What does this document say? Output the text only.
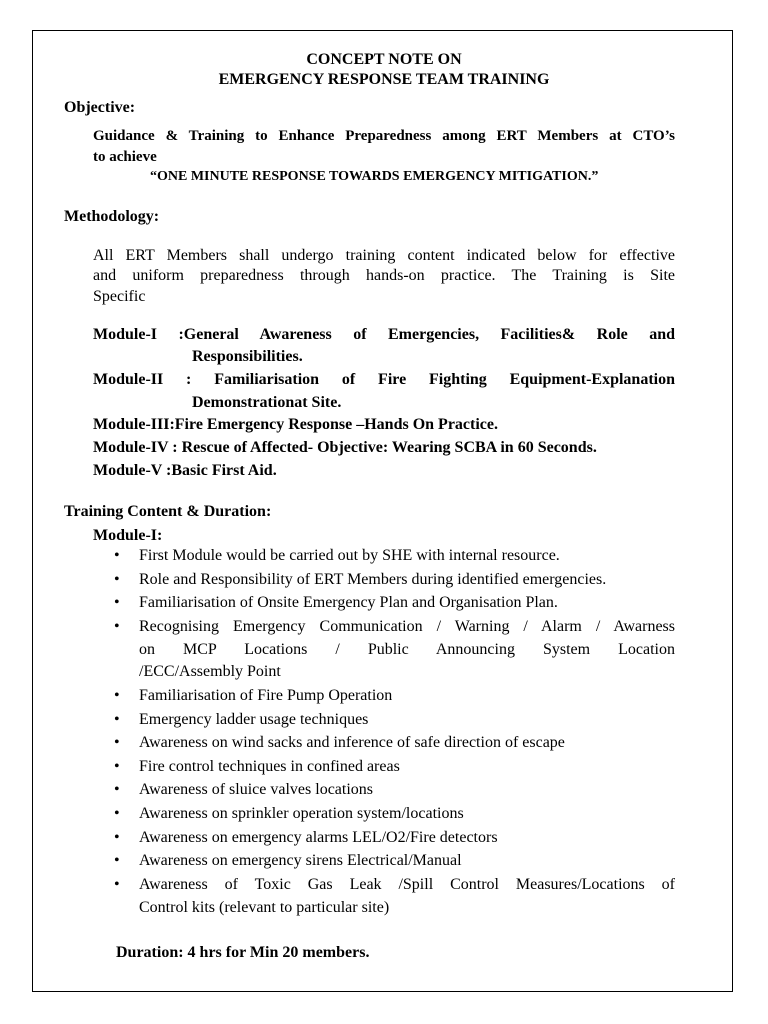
CONCEPT NOTE ON
EMERGENCY RESPONSE TEAM TRAINING
Objective:
Guidance & Training to Enhance Preparedness among ERT Members at CTO’s
to achieve
“ONE MINUTE RESPONSE TOWARDS EMERGENCY MITIGATION.”
Methodology:
All ERT Members shall undergo training content indicated below for effective
and uniform preparedness through hands-on practice. The Training is Site
Specific
Module-I :General Awareness of Emergencies, Facilities& Role and
Responsibilities.
Module-II : Familiarisation of Fire Fighting Equipment-Explanation
Demonstrationat Site.
Module-III:Fire Emergency Response –Hands On Practice.
Module-IV : Rescue of Affected- Objective: Wearing SCBA in 60 Seconds.
Module-V :Basic First Aid.
Training Content & Duration:
Module-I:
• First Module would be carried out by SHE with internal resource.
• Role and Responsibility of ERT Members during identified emergencies.
• Familiarisation of Onsite Emergency Plan and Organisation Plan.
• Recognising Emergency Communication / Warning / Alarm / Awarness
on MCP Locations / Public Announcing System Location
/ECC/Assembly Point
• Familiarisation of Fire Pump Operation
• Emergency ladder usage techniques
• Awareness on wind sacks and inference of safe direction of escape
• Fire control techniques in confined areas
• Awareness of sluice valves locations
• Awareness on sprinkler operation system/locations
• Awareness on emergency alarms LEL/O2/Fire detectors
• Awareness on emergency sirens Electrical/Manual
• Awareness of Toxic Gas Leak /Spill Control Measures/Locations of
Control kits (relevant to particular site)
Duration: 4 hrs for Min 20 members.
